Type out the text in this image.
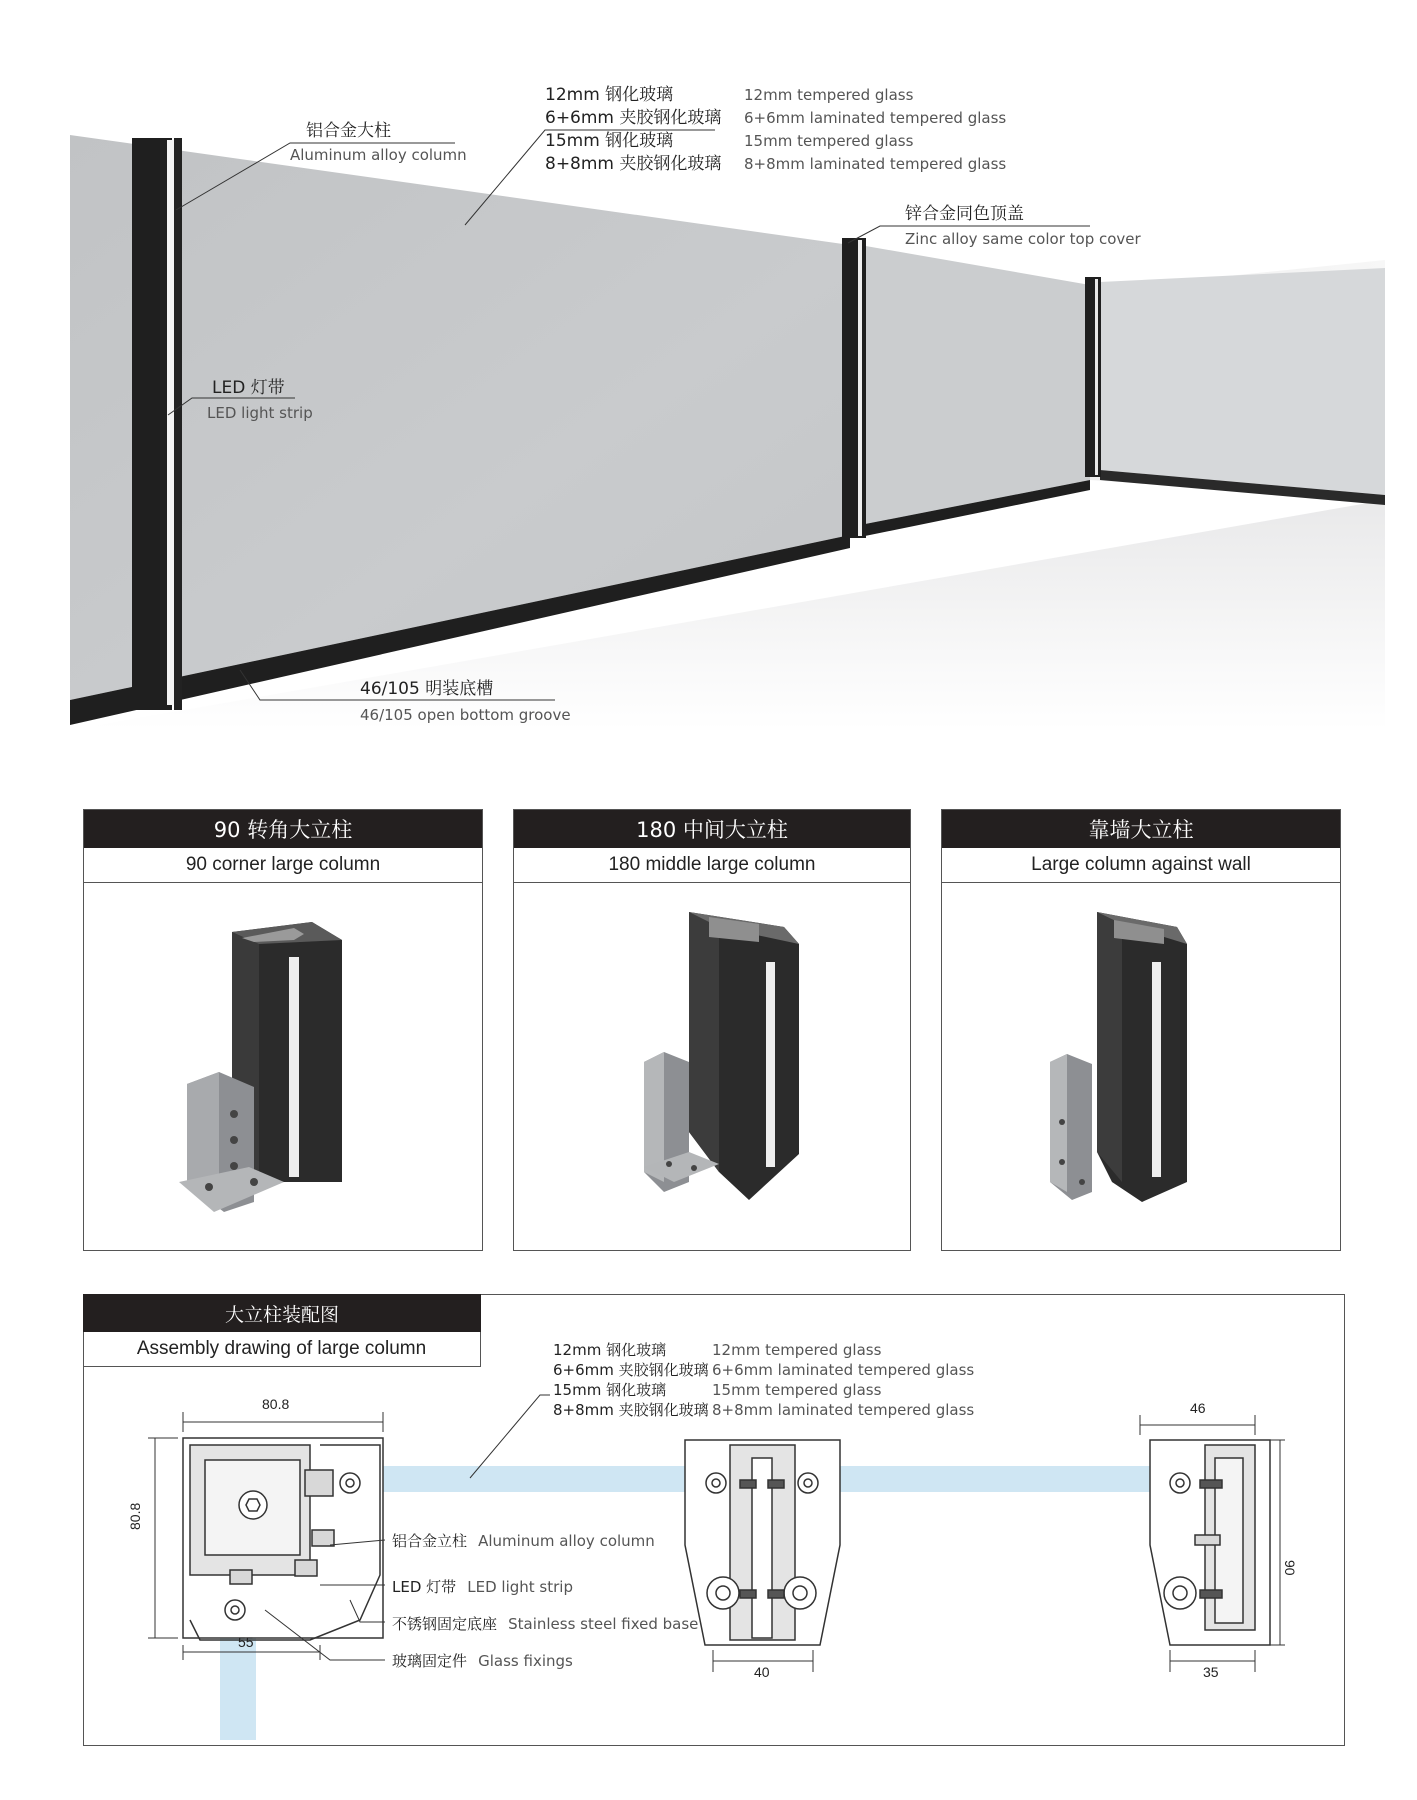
铝合金大柱
Aluminum alloy column
12mm 钢化玻璃
6+6mm 夹胶钢化玻璃
15mm 钢化玻璃
8+8mm 夹胶钢化玻璃
12mm tempered glass
6+6mm laminated tempered glass
15mm tempered glass
8+8mm laminated tempered glass
锌合金同色顶盖
Zinc alloy same color top cover
LED 灯带
LED light strip
46/105 明装底槽
46/105 open bottom groove
90 转角大立柱
90 corner large column
180 中间大立柱
180 middle large column
靠墙大立柱
Large column against wall
大立柱装配图
Assembly drawing of large column	12mm 钢化玻璃
6+6mm 夹胶钢化玻璃
15mm 钢化玻璃
8+8mm 夹胶钢化玻璃
12mm tempered glass
6+6mm laminated tempered glass
15mm tempered glass
8+8mm laminated tempered glass
铝合金立柱 Aluminum alloy column
LED 灯带 LED light strip
不锈钢固定底座 Stainless steel fixed base
玻璃固定件 Glass fixings
80.8
80.8
55
40
46
90
35
